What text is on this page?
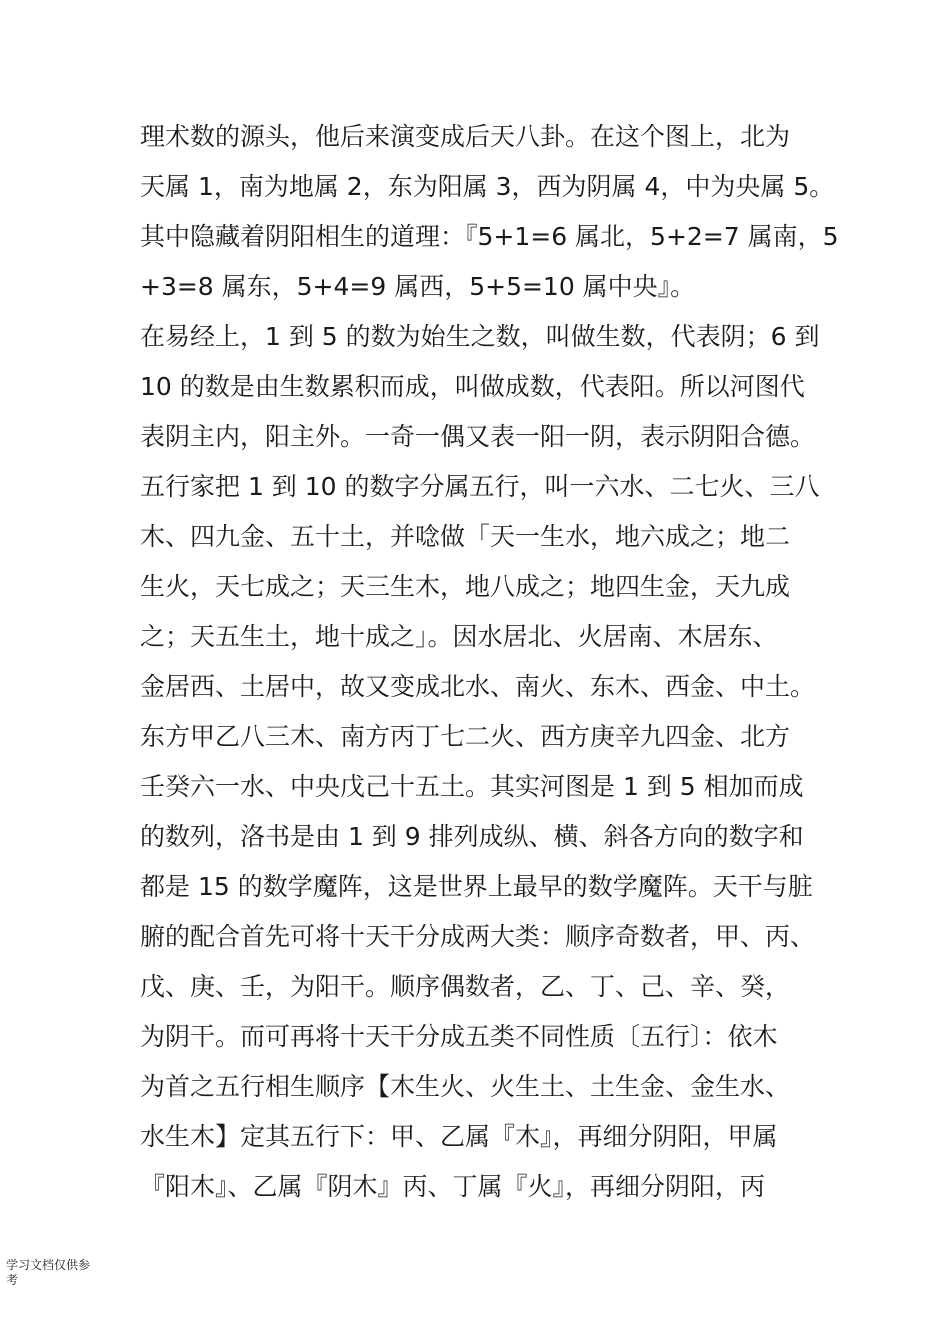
理术数的源头，他后来演变成后天八卦。在这个图上，北为
天属 1，南为地属 2，东为阳属 3，西为阴属 4，中为央属 5。
其中隐藏着阴阳相生的道理：『5+1=6 属北，5+2=7 属南，5
+3=8 属东，5+4=9 属西，5+5=10 属中央』。
在易经上，1 到 5 的数为始生之数，叫做生数，代表阴；6 到
10 的数是由生数累积而成，叫做成数，代表阳。所以河图代
表阴主内，阳主外。一奇一偶又表一阳一阴，表示阴阳合德。
五行家把 1 到 10 的数字分属五行，叫一六水、二七火、三八
木、四九金、五十土，并唸做「天一生水，地六成之；地二
生火，天七成之；天三生木，地八成之；地四生金，天九成
之；天五生土，地十成之」。因水居北、火居南、木居东、
金居西、土居中，故又变成北水、南火、东木、西金、中土。
东方甲乙八三木、南方丙丁七二火、西方庚辛九四金、北方
壬癸六一水、中央戊己十五土。其实河图是 1 到 5 相加而成
的数列，洛书是由 1 到 9 排列成纵、横、斜各方向的数字和
都是 15 的数学魔阵，这是世界上最早的数学魔阵。天干与脏
腑的配合首先可将十天干分成两大类：顺序奇数者，甲、丙、
戊、庚、壬，为阳干。顺序偶数者，乙、丁、己、辛、癸，
为阴干。而可再将十天干分成五类不同性质〔五行〕：依木
为首之五行相生顺序【木生火、火生土、土生金、金生水、
水生木】定其五行下：甲、乙属『木』，再细分阴阳，甲属
『阳木』、乙属『阴木』丙、丁属『火』，再细分阴阳，丙
学习文档仅供参
考
